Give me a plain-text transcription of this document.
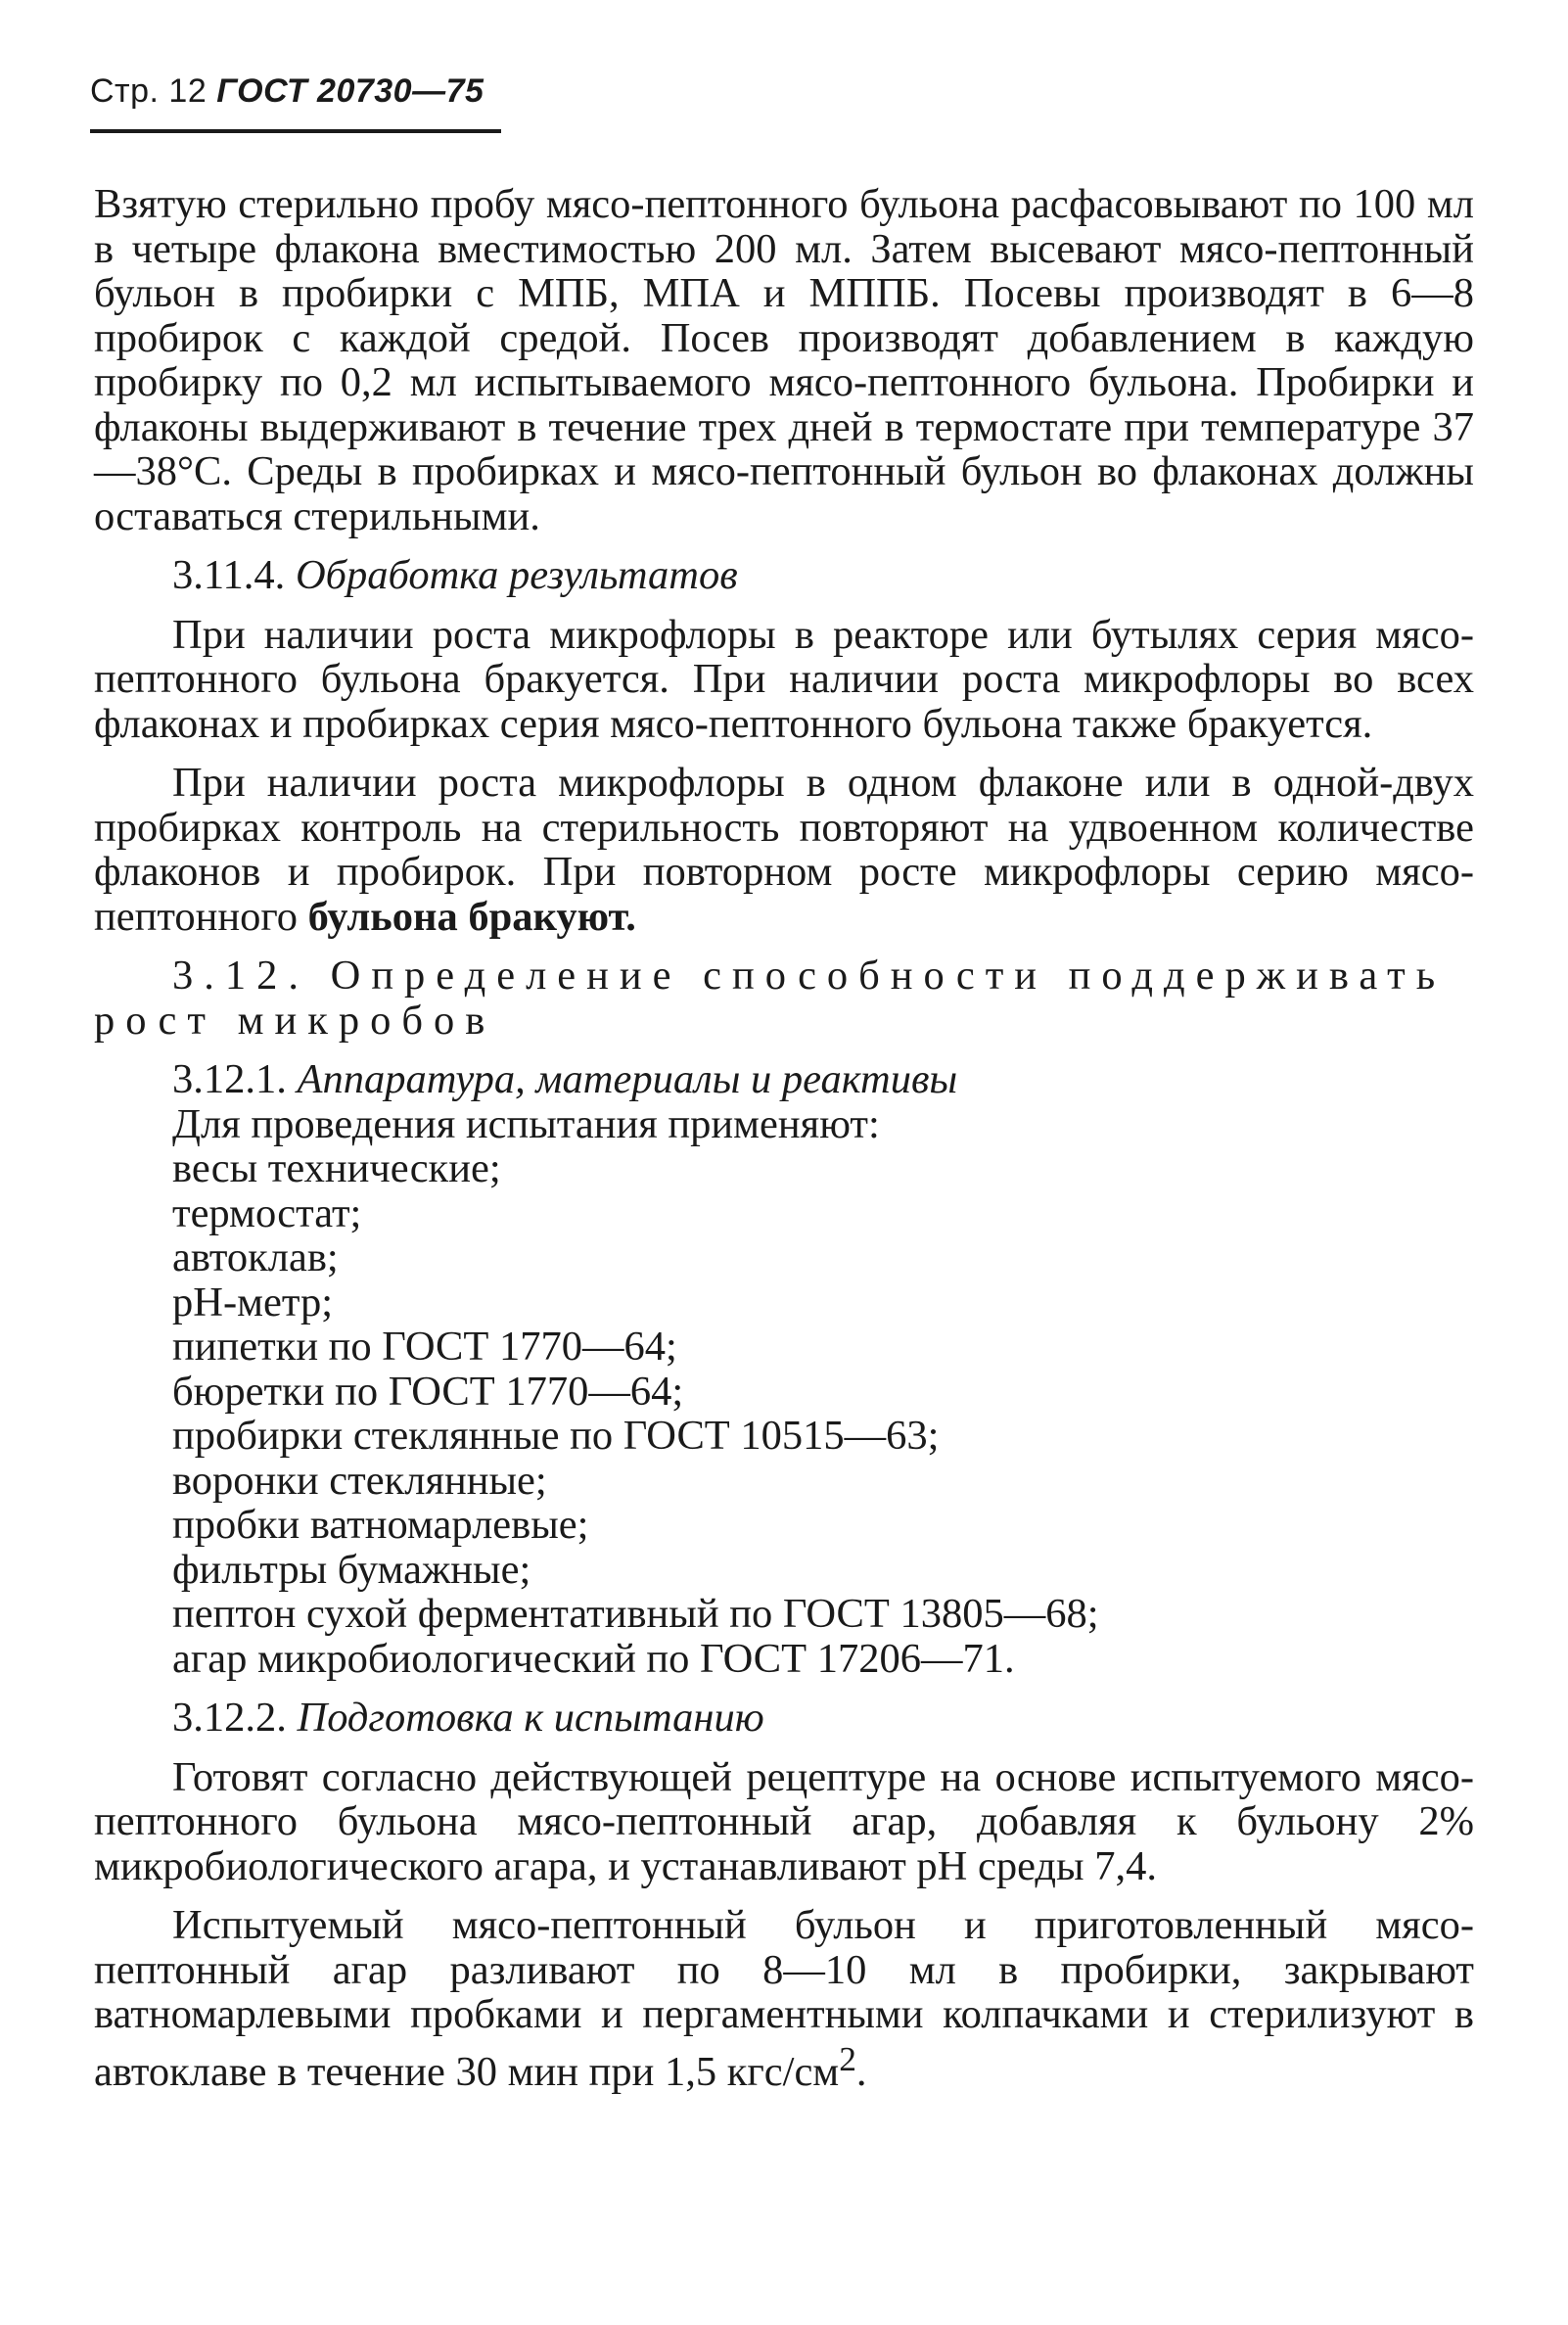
Стр. 12 ГОСТ 20730—75

Взятую стерильно пробу мясо-пептонного бульона расфасовывают по 100 мл в четыре флакона вместимостью 200 мл. Затем высевают мясо-пептонный бульон в пробирки с МПБ, МПА и МППБ. Посевы производят в 6—8 пробирок с каждой средой. Посев производят добавлением в каждую пробирку по 0,2 мл испытываемого мясо-пептонного бульона. Пробирки и флаконы выдерживают в течение трех дней в термостате при температуре 37—38°С. Среды в пробирках и мясо-пептонный бульон во флаконах должны оставаться стерильными.

3.11.4. Обработка результатов

При наличии роста микрофлоры в реакторе или бутылях серия мясо-пептонного бульона бракуется. При наличии роста микрофлоры во всех флаконах и пробирках серия мясо-пептонного бульона также бракуется.

При наличии роста микрофлоры в одном флаконе или в одной-двух пробирках контроль на стерильность повторяют на удвоенном количестве флаконов и пробирок. При повторном росте микрофлоры серию мясо-пептонного бульона бракуют.

3.12. Определение способности поддерживать

рост микробов

3.12.1. Аппаратура, материалы и реактивы

Для проведения испытания применяют:

весы технические;

термостат;

автоклав;

pH-метр;

пипетки по ГОСТ 1770—64;

бюретки по ГОСТ 1770—64;

пробирки стеклянные по ГОСТ 10515—63;

воронки стеклянные;

пробки ватномарлевые;

фильтры бумажные;

пептон сухой ферментативный по ГОСТ 13805—68;

агар микробиологический по ГОСТ 17206—71.

3.12.2. Подготовка к испытанию

Готовят согласно действующей рецептуре на основе испытуемого мясо-пептонного бульона мясо-пептонный агар, добавляя к бульону 2% микробиологического агара, и устанавливают pH среды 7,4.

Испытуемый мясо-пептонный бульон и приготовленный мясо-пептонный агар разливают по 8—10 мл в пробирки, закрывают ватномарлевыми пробками и пергаментными колпачками и стерилизуют в автоклаве в течение 30 мин при 1,5 кгс/$см^2$.
